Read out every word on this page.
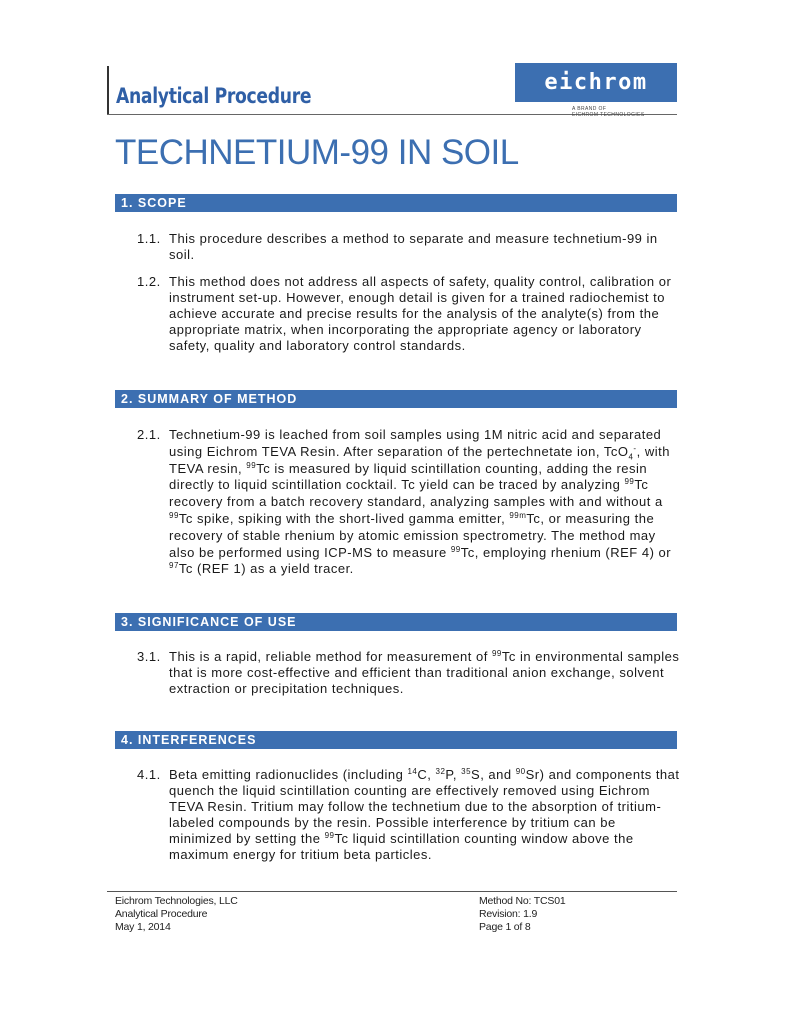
Analytical Procedure
eichrom
A BRAND OF
EICHROM TECHNOLOGIES
TECHNETIUM-99 IN SOIL
1. SCOPE
1.1. This procedure describes a method to separate and measure technetium-99 in soil.
1.2. This method does not address all aspects of safety, quality control, calibration or instrument set-up. However, enough detail is given for a trained radiochemist to achieve accurate and precise results for the analysis of the analyte(s) from the appropriate matrix, when incorporating the appropriate agency or laboratory safety, quality and laboratory control standards.
2. SUMMARY OF METHOD
2.1. Technetium-99 is leached from soil samples using 1M nitric acid and separated using Eichrom TEVA Resin. After separation of the pertechnetate ion, TcO$_4$-, with TEVA resin, $^{99}$Tc is measured by liquid scintillation counting, adding the resin directly to liquid scintillation cocktail. Tc yield can be traced by analyzing $^{99}$Tc recovery from a batch recovery standard, analyzing samples with and without a $^{99}$Tc spike, spiking with the short-lived gamma emitter, $^{99m}$Tc, or measuring the recovery of stable rhenium by atomic emission spectrometry. The method may also be performed using ICP-MS to measure $^{99}$Tc, employing rhenium (REF 4) or $^{97}$Tc (REF 1) as a yield tracer.
3. SIGNIFICANCE OF USE
3.1. This is a rapid, reliable method for measurement of $^{99}$Tc in environmental samples that is more cost-effective and efficient than traditional anion exchange, solvent extraction or precipitation techniques.
4. INTERFERENCES
4.1. Beta emitting radionuclides (including $^{14}$C, $^{32}$P, $^{35}$S, and $^{90}$Sr) and components that quench the liquid scintillation counting are effectively removed using Eichrom TEVA Resin. Tritium may follow the technetium due to the absorption of tritium-labeled compounds by the resin. Possible interference by tritium can be minimized by setting the $^{99}$Tc liquid scintillation counting window above the maximum energy for tritium beta particles.
Eichrom Technologies, LLC
Analytical Procedure
May 1, 2014
Method No: TCS01
Revision: 1.9
Page 1 of 8
